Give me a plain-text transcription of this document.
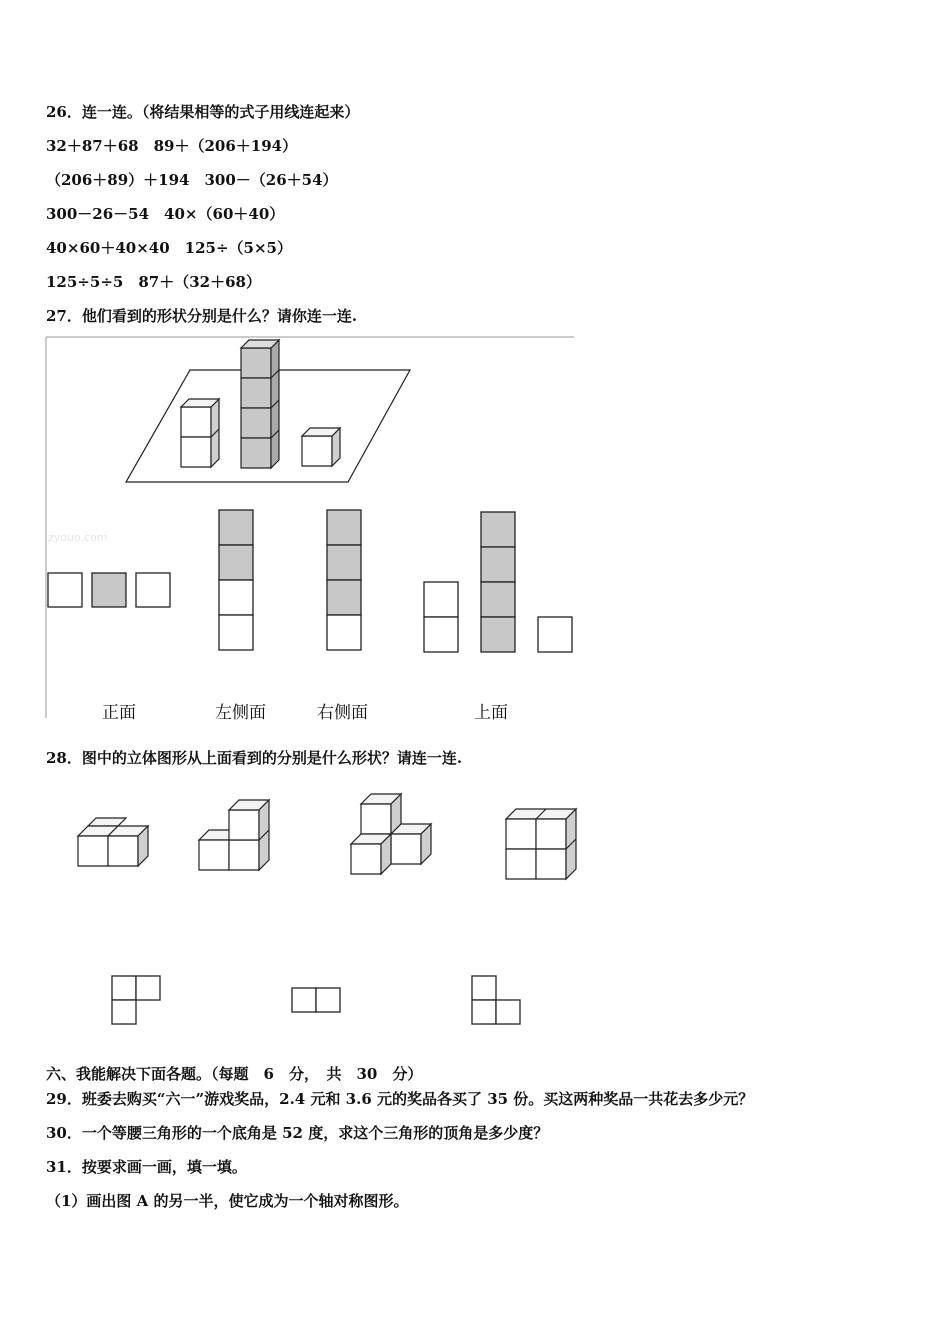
26．连一连。（将结果相等的式子用线连起来）
32＋87＋68　89＋（206＋194）
（206＋89）＋194　300－（26＋54）
300－26－54　40×（60＋40）
40×60＋40×40　125÷（5×5）
125÷5÷5　87＋（32＋68）
27．他们看到的形状分别是什么？请你连一连.
zyouo.com
正面	左侧面	右侧面	上面
28．图中的立体图形从上面看到的分别是什么形状？请连一连.
六、我能解决下面各题。（每题　6　分，　共　30　分）
29．班委去购买“六一”游戏奖品，2.4 元和 3.6 元的奖品各买了 35 份。买这两种奖品一共花去多少元？
30．一个等腰三角形的一个底角是 52 度，求这个三角形的顶角是多少度？
31．按要求画一画，填一填。
（1）画出图 A 的另一半，使它成为一个轴对称图形。
